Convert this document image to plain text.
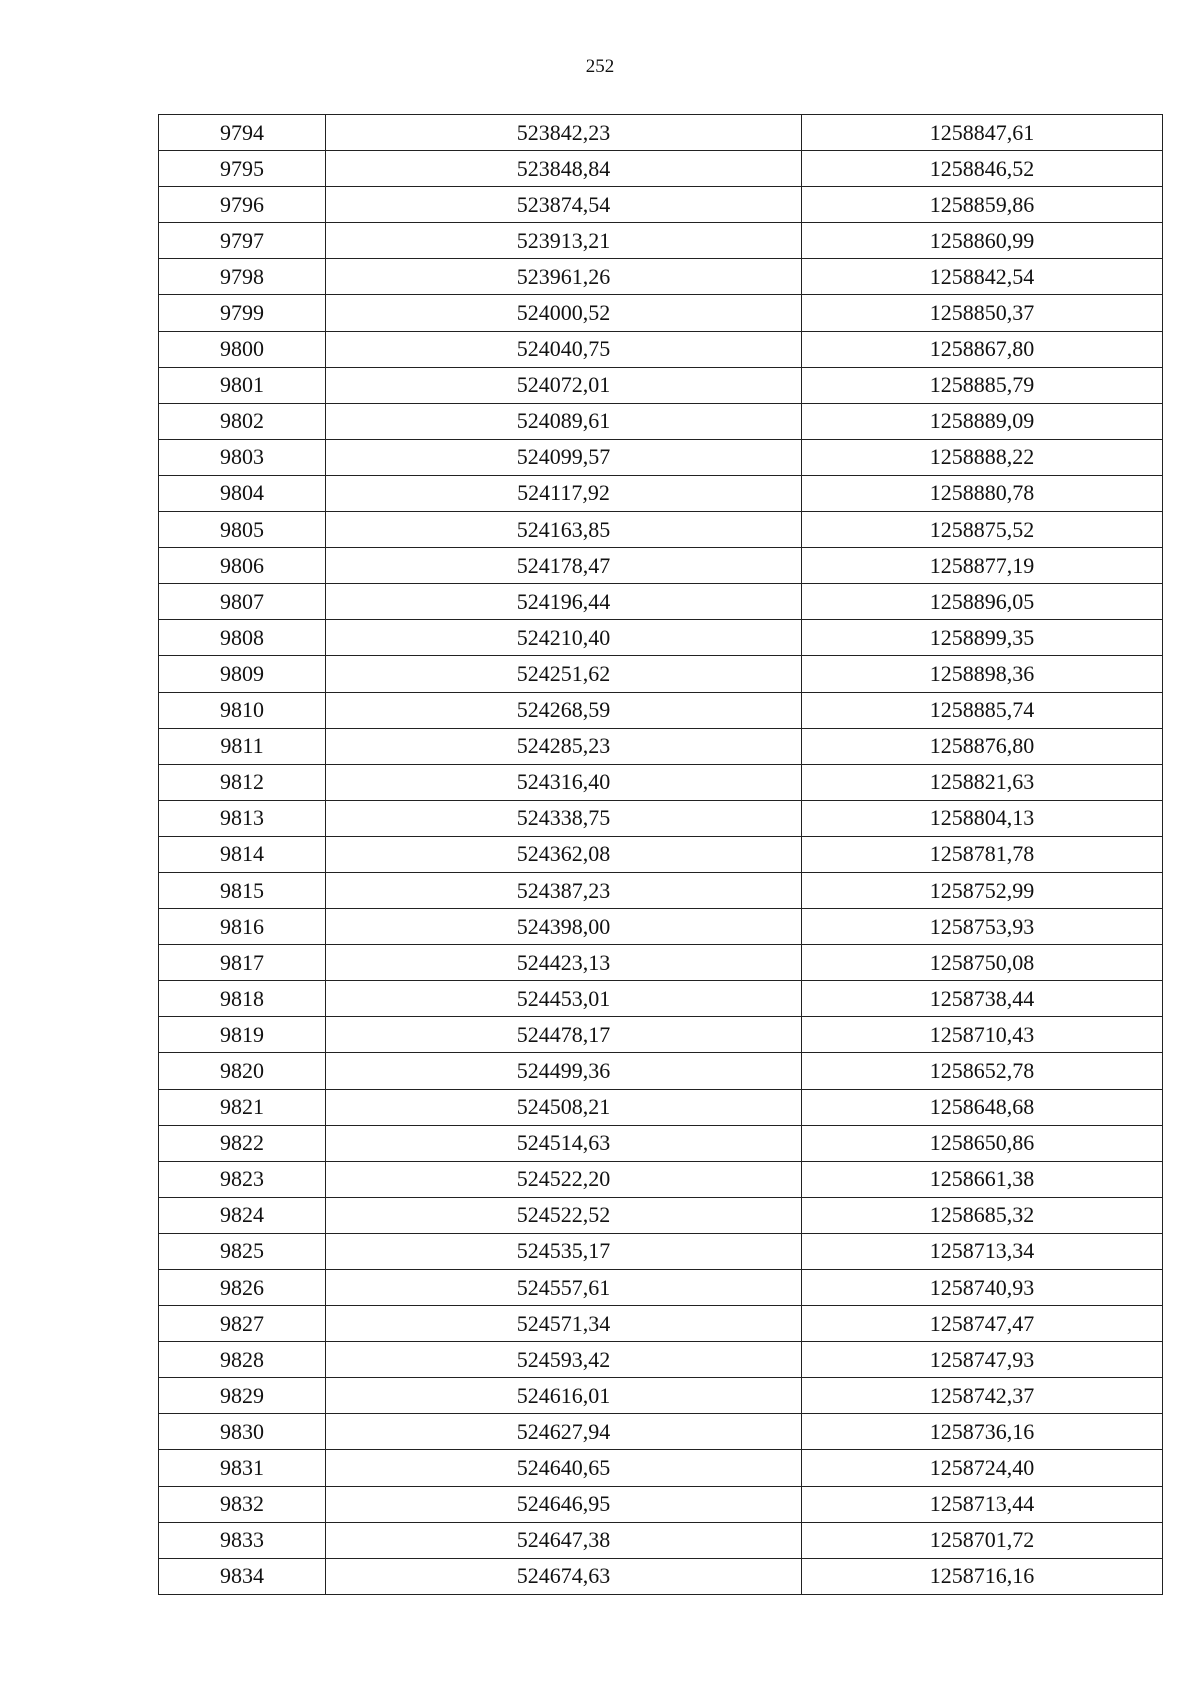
252
9794	523842,23	1258847,61
9795	523848,84	1258846,52
9796	523874,54	1258859,86
9797	523913,21	1258860,99
9798	523961,26	1258842,54
9799	524000,52	1258850,37
9800	524040,75	1258867,80
9801	524072,01	1258885,79
9802	524089,61	1258889,09
9803	524099,57	1258888,22
9804	524117,92	1258880,78
9805	524163,85	1258875,52
9806	524178,47	1258877,19
9807	524196,44	1258896,05
9808	524210,40	1258899,35
9809	524251,62	1258898,36
9810	524268,59	1258885,74
9811	524285,23	1258876,80
9812	524316,40	1258821,63
9813	524338,75	1258804,13
9814	524362,08	1258781,78
9815	524387,23	1258752,99
9816	524398,00	1258753,93
9817	524423,13	1258750,08
9818	524453,01	1258738,44
9819	524478,17	1258710,43
9820	524499,36	1258652,78
9821	524508,21	1258648,68
9822	524514,63	1258650,86
9823	524522,20	1258661,38
9824	524522,52	1258685,32
9825	524535,17	1258713,34
9826	524557,61	1258740,93
9827	524571,34	1258747,47
9828	524593,42	1258747,93
9829	524616,01	1258742,37
9830	524627,94	1258736,16
9831	524640,65	1258724,40
9832	524646,95	1258713,44
9833	524647,38	1258701,72
9834	524674,63	1258716,16
